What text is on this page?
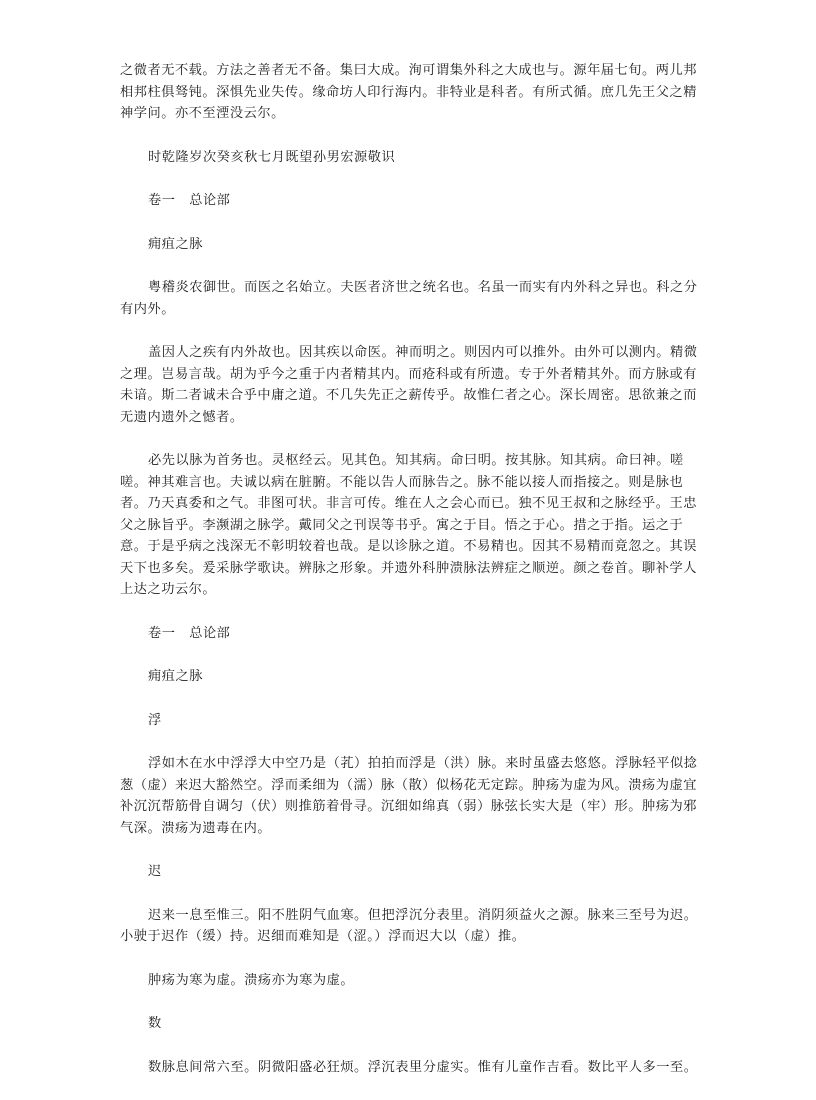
之微者无不载。方法之善者无不备。集曰大成。洵可谓集外科之大成也与。源年届七旬。两儿邦相邦柱俱驽钝。深惧先业失传。缘命坊人印行海内。非特业是科者。有所式循。庶几先王父之精神学问。亦不至湮没云尔。

时乾隆岁次癸亥秋七月既望孙男宏源敬识

卷一　总论部

痈疽之脉

粤稽炎农御世。而医之名始立。夫医者济世之统名也。名虽一而实有内外科之异也。科之分有内外。

盖因人之疾有内外故也。因其疾以命医。神而明之。则因内可以推外。由外可以测内。精微之理。岂易言哉。胡为乎今之重于内者精其内。而疮科或有所遗。专于外者精其外。而方脉或有未谙。斯二者诚未合乎中庸之道。不几失先正之薪传乎。故惟仁者之心。深长周密。思欲兼之而无遗内遗外之憾者。

必先以脉为首务也。灵枢经云。见其色。知其病。命曰明。按其脉。知其病。命曰神。嗟嗟。神其难言也。夫诚以病在脏腑。不能以告人而脉告之。脉不能以接人而指接之。则是脉也者。乃天真委和之气。非图可状。非言可传。维在人之会心而已。独不见王叔和之脉经乎。王忠父之脉旨乎。李濒湖之脉学。戴同父之刊误等书乎。寓之于目。悟之于心。措之于指。运之于意。于是乎病之浅深无不彰明较着也哉。是以诊脉之道。不易精也。因其不易精而竟忽之。其误天下也多矣。爰采脉学歌诀。辨脉之形象。并遗外科肿溃脉法辨症之顺逆。颜之卷首。聊补学人上达之功云尔。

卷一　总论部

痈疽之脉

浮

浮如木在水中浮浮大中空乃是（芤）拍拍而浮是（洪）脉。来时虽盛去悠悠。浮脉轻平似捻葱（虚）来迟大豁然空。浮而柔细为（濡）脉（散）似杨花无定踪。肿疡为虚为风。溃疡为虚宜补沉沉帮筋骨自调匀（伏）则推筋着骨寻。沉细如绵真（弱）脉弦长实大是（牢）形。肿疡为邪气深。溃疡为遗毒在内。

迟

迟来一息至惟三。阳不胜阴气血寒。但把浮沉分表里。消阴须益火之源。脉来三至号为迟。小驶于迟作（缓）持。迟细而难知是（涩。）浮而迟大以（虚）推。

肿疡为寒为虚。溃疡亦为寒为虚。

数

数脉息间常六至。阴微阳盛必狂烦。浮沉表里分虚实。惟有儿童作吉看。数比平人多一至。
